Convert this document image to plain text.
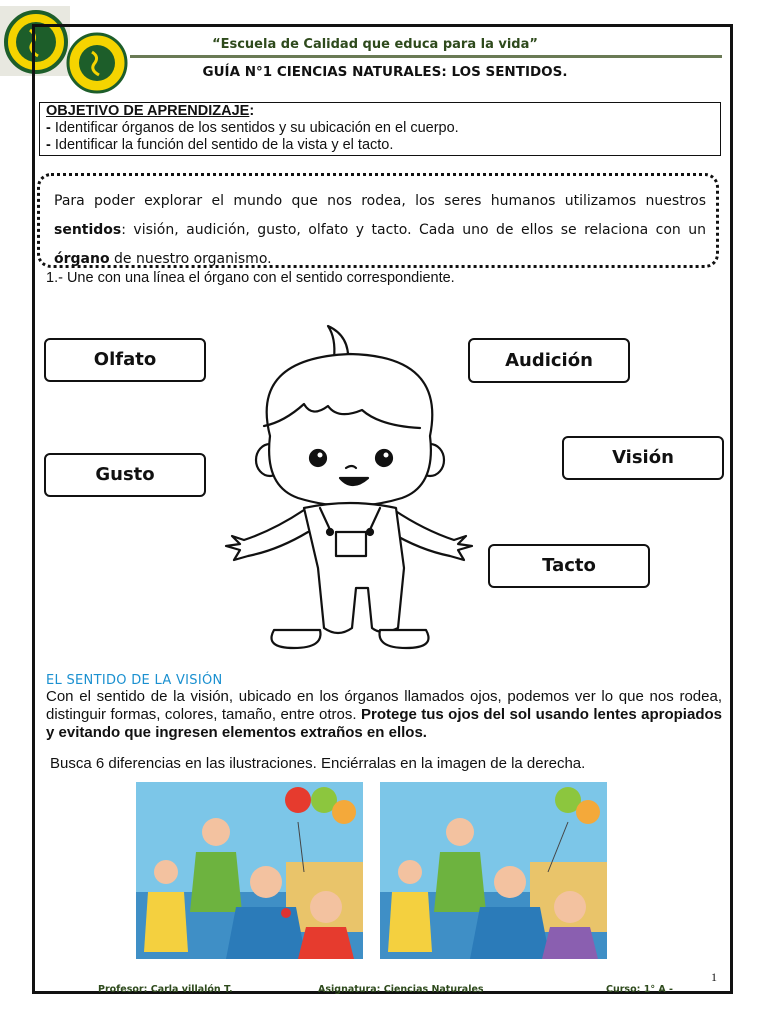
“Escuela de Calidad que educa para la vida”
GUÍA N°1 CIENCIAS NATURALES: LOS SENTIDOS.
OBJETIVO DE APRENDIZAJE:
- Identificar órganos de los sentidos y su ubicación en el cuerpo.
- Identificar la función del sentido de la vista y el tacto.
Para poder explorar el mundo que nos rodea, los seres humanos utilizamos nuestros sentidos: visión, audición, gusto, olfato y tacto. Cada uno de ellos se relaciona con un órgano de nuestro organismo.
1.- Une con una línea el órgano con el sentido correspondiente.
Olfato	Audición
Visión
Gusto
Tacto
EL SENTIDO DE LA VISIÓN
Con el sentido de la visión, ubicado en los órganos llamados ojos, podemos ver lo que nos rodea, distinguir formas, colores, tamaño, entre otros. Protege tus ojos del sol usando lentes apropiados y evitando que ingresen elementos extraños en ellos.
Busca 6 diferencias en las ilustraciones. Enciérralas en la imagen de la derecha.
1
Profesor: Carla villalón T.	Asignatura: Ciencias Naturales	Curso: 1° A -
